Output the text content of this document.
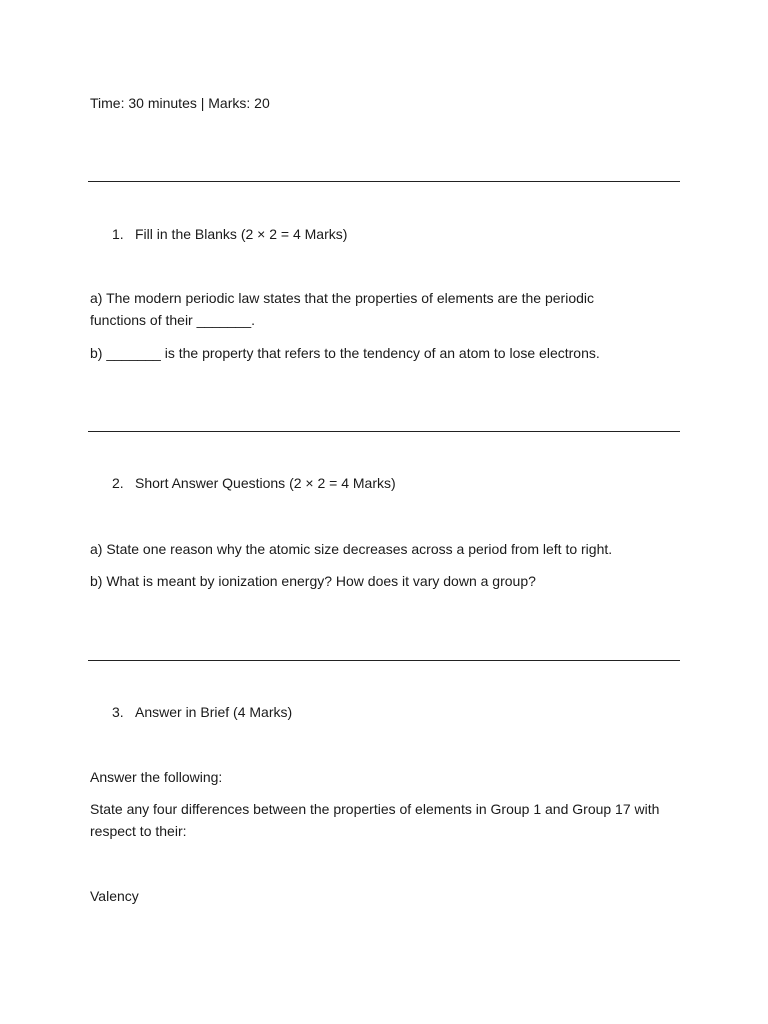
Time: 30 minutes | Marks: 20
1. Fill in the Blanks (2 × 2 = 4 Marks)
a) The modern periodic law states that the properties of elements are the periodic functions of their _______.
b) _______ is the property that refers to the tendency of an atom to lose electrons.
2. Short Answer Questions (2 × 2 = 4 Marks)
a) State one reason why the atomic size decreases across a period from left to right.
b) What is meant by ionization energy? How does it vary down a group?
3. Answer in Brief (4 Marks)
Answer the following:
State any four differences between the properties of elements in Group 1 and Group 17 with respect to their:
Valency
